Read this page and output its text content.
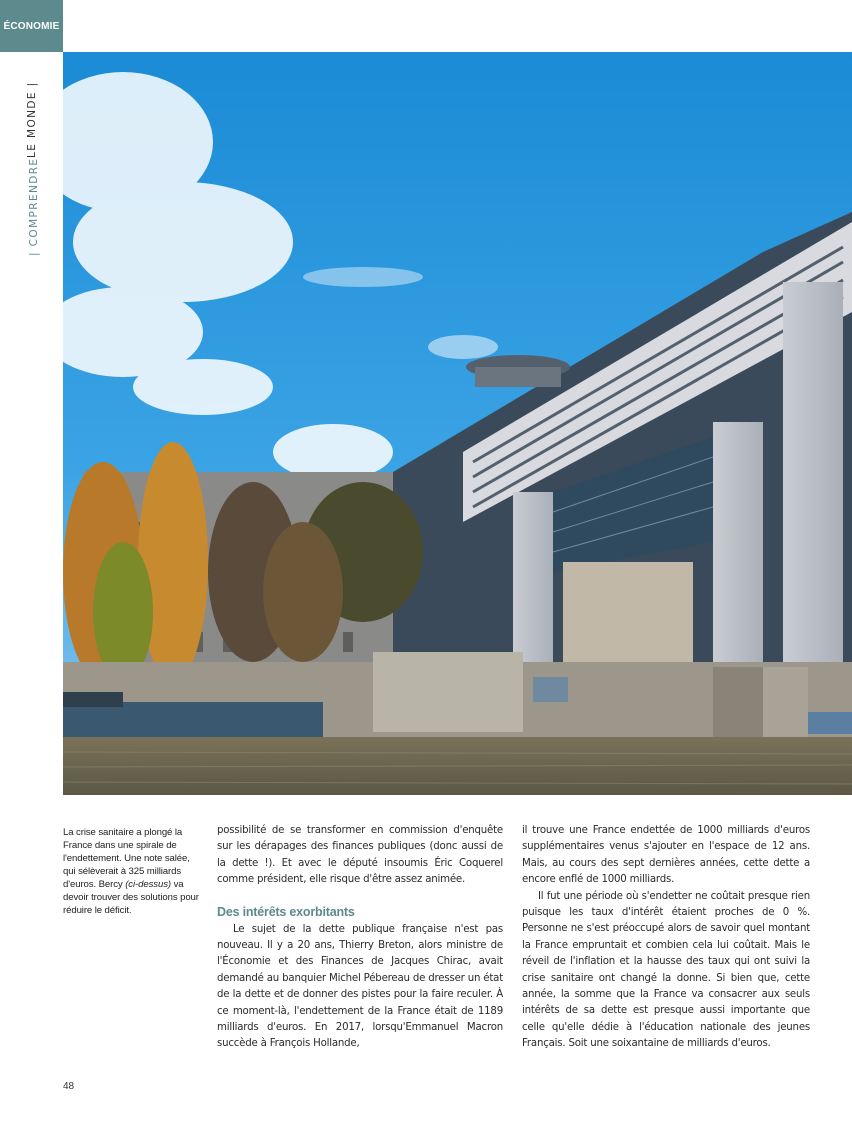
ÉCONOMIE
| COMPRENDRE
LE MONDE |
La crise sanitaire a plongé la France dans une spirale de l'endettement. Une note salée, qui sélèverait à 325 milliards d'euros. Bercy (ci-dessus) va devoir trouver des solutions pour réduire le déficit.

possibilité de se transformer en commission d'enquête sur les dérapages des finances publiques (donc aussi de la dette !). Et avec le député insoumis Éric Coquerel comme président, elle risque d'être assez animée.

Des intérêts exorbitants

Le sujet de la dette publique française n'est pas nouveau. Il y a 20 ans, Thierry Breton, alors ministre de l'Économie et des Finances de Jacques Chirac, avait demandé au banquier Michel Pébereau de dresser un état de la dette et de donner des pistes pour la faire reculer. À ce moment-là, l'endettement de la France était de 1189 milliards d'euros. En 2017, lorsqu'Emmanuel Macron succède à François Hollande,

il trouve une France endettée de 1000 milliards d'euros supplémentaires venus s'ajouter en l'espace de 12 ans. Mais, au cours des sept dernières années, cette dette a encore enflé de 1000 milliards.

Il fut une période où s'endetter ne coûtait presque rien puisque les taux d'intérêt étaient proches de 0 %. Personne ne s'est préoccupé alors de savoir quel montant la France empruntait et combien cela lui coûtait. Mais le réveil de l'inflation et la hausse des taux qui ont suivi la crise sanitaire ont changé la donne. Si bien que, cette année, la somme que la France va consacrer aux seuls intérêts de sa dette est presque aussi importante que celle qu'elle dédie à l'éducation nationale des jeunes Français. Soit une soixantaine de milliards d'euros.

48
